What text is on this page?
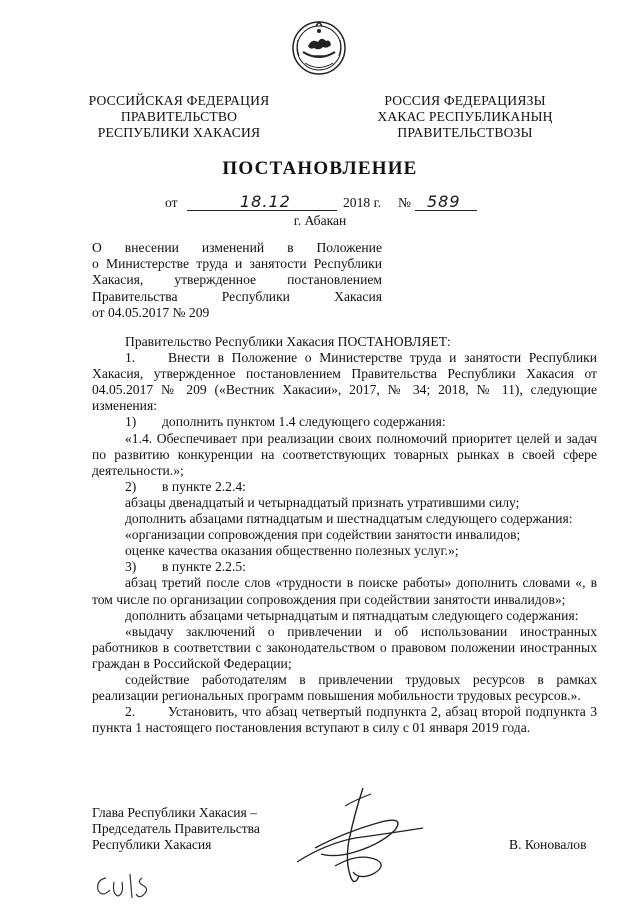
РОССИЙСКАЯ ФЕДЕРАЦИЯ
ПРАВИТЕЛЬСТВО
РЕСПУБЛИКИ ХАКАСИЯ
РОССИЯ ФЕДЕРАЦИЯЗЫ
ХАКАС РЕСПУБЛИКАНЫҢ
ПРАВИТЕЛЬСТВОЗЫ
ПОСТАНОВЛЕНИЕ
от	18.12	2018 г. № 589
г. Абакан
О внесении изменений в Положение
о Министерстве труда и занятости Республики
Хакасия, утвержденное постановлением
Правительства Республики Хакасия
от 04.05.2017 № 209

Правительство Республики Хакасия ПОСТАНОВЛЯЕТ:

1. Внести в Положение о Министерстве труда и занятости Республики Хакасия, утвержденное постановлением Правительства Республики Хакасия от 04.05.2017 № 209 («Вестник Хакасии», 2017, № 34; 2018, № 11), следующие изменения:

1) дополнить пунктом 1.4 следующего содержания:

«1.4. Обеспечивает при реализации своих полномочий приоритет целей и задач по развитию конкуренции на соответствующих товарных рынках в своей сфере деятельности.»;

2) в пункте 2.2.4:

абзацы двенадцатый и четырнадцатый признать утратившими силу;

дополнить абзацами пятнадцатым и шестнадцатым следующего содержания:

«организации сопровождения при содействии занятости инвалидов;

оценке качества оказания общественно полезных услуг.»;

3) в пункте 2.2.5:

абзац третий после слов «трудности в поиске работы» дополнить словами «, в том числе по организации сопровождения при содействии занятости инвалидов»;

дополнить абзацами четырнадцатым и пятнадцатым следующего содержания:

«выдачу заключений о привлечении и об использовании иностранных работников в соответствии с законодательством о правовом положении иностранных граждан в Российской Федерации;

содействие работодателям в привлечении трудовых ресурсов в рамках реализации региональных программ повышения мобильности трудовых ресурсов.».

2. Установить, что абзац четвертый подпункта 2, абзац второй подпункта 3 пункта 1 настоящего постановления вступают в силу с 01 января 2019 года.

Глава Республики Хакасия –
Председатель Правительства
Республики Хакасия	В. Коновалов
